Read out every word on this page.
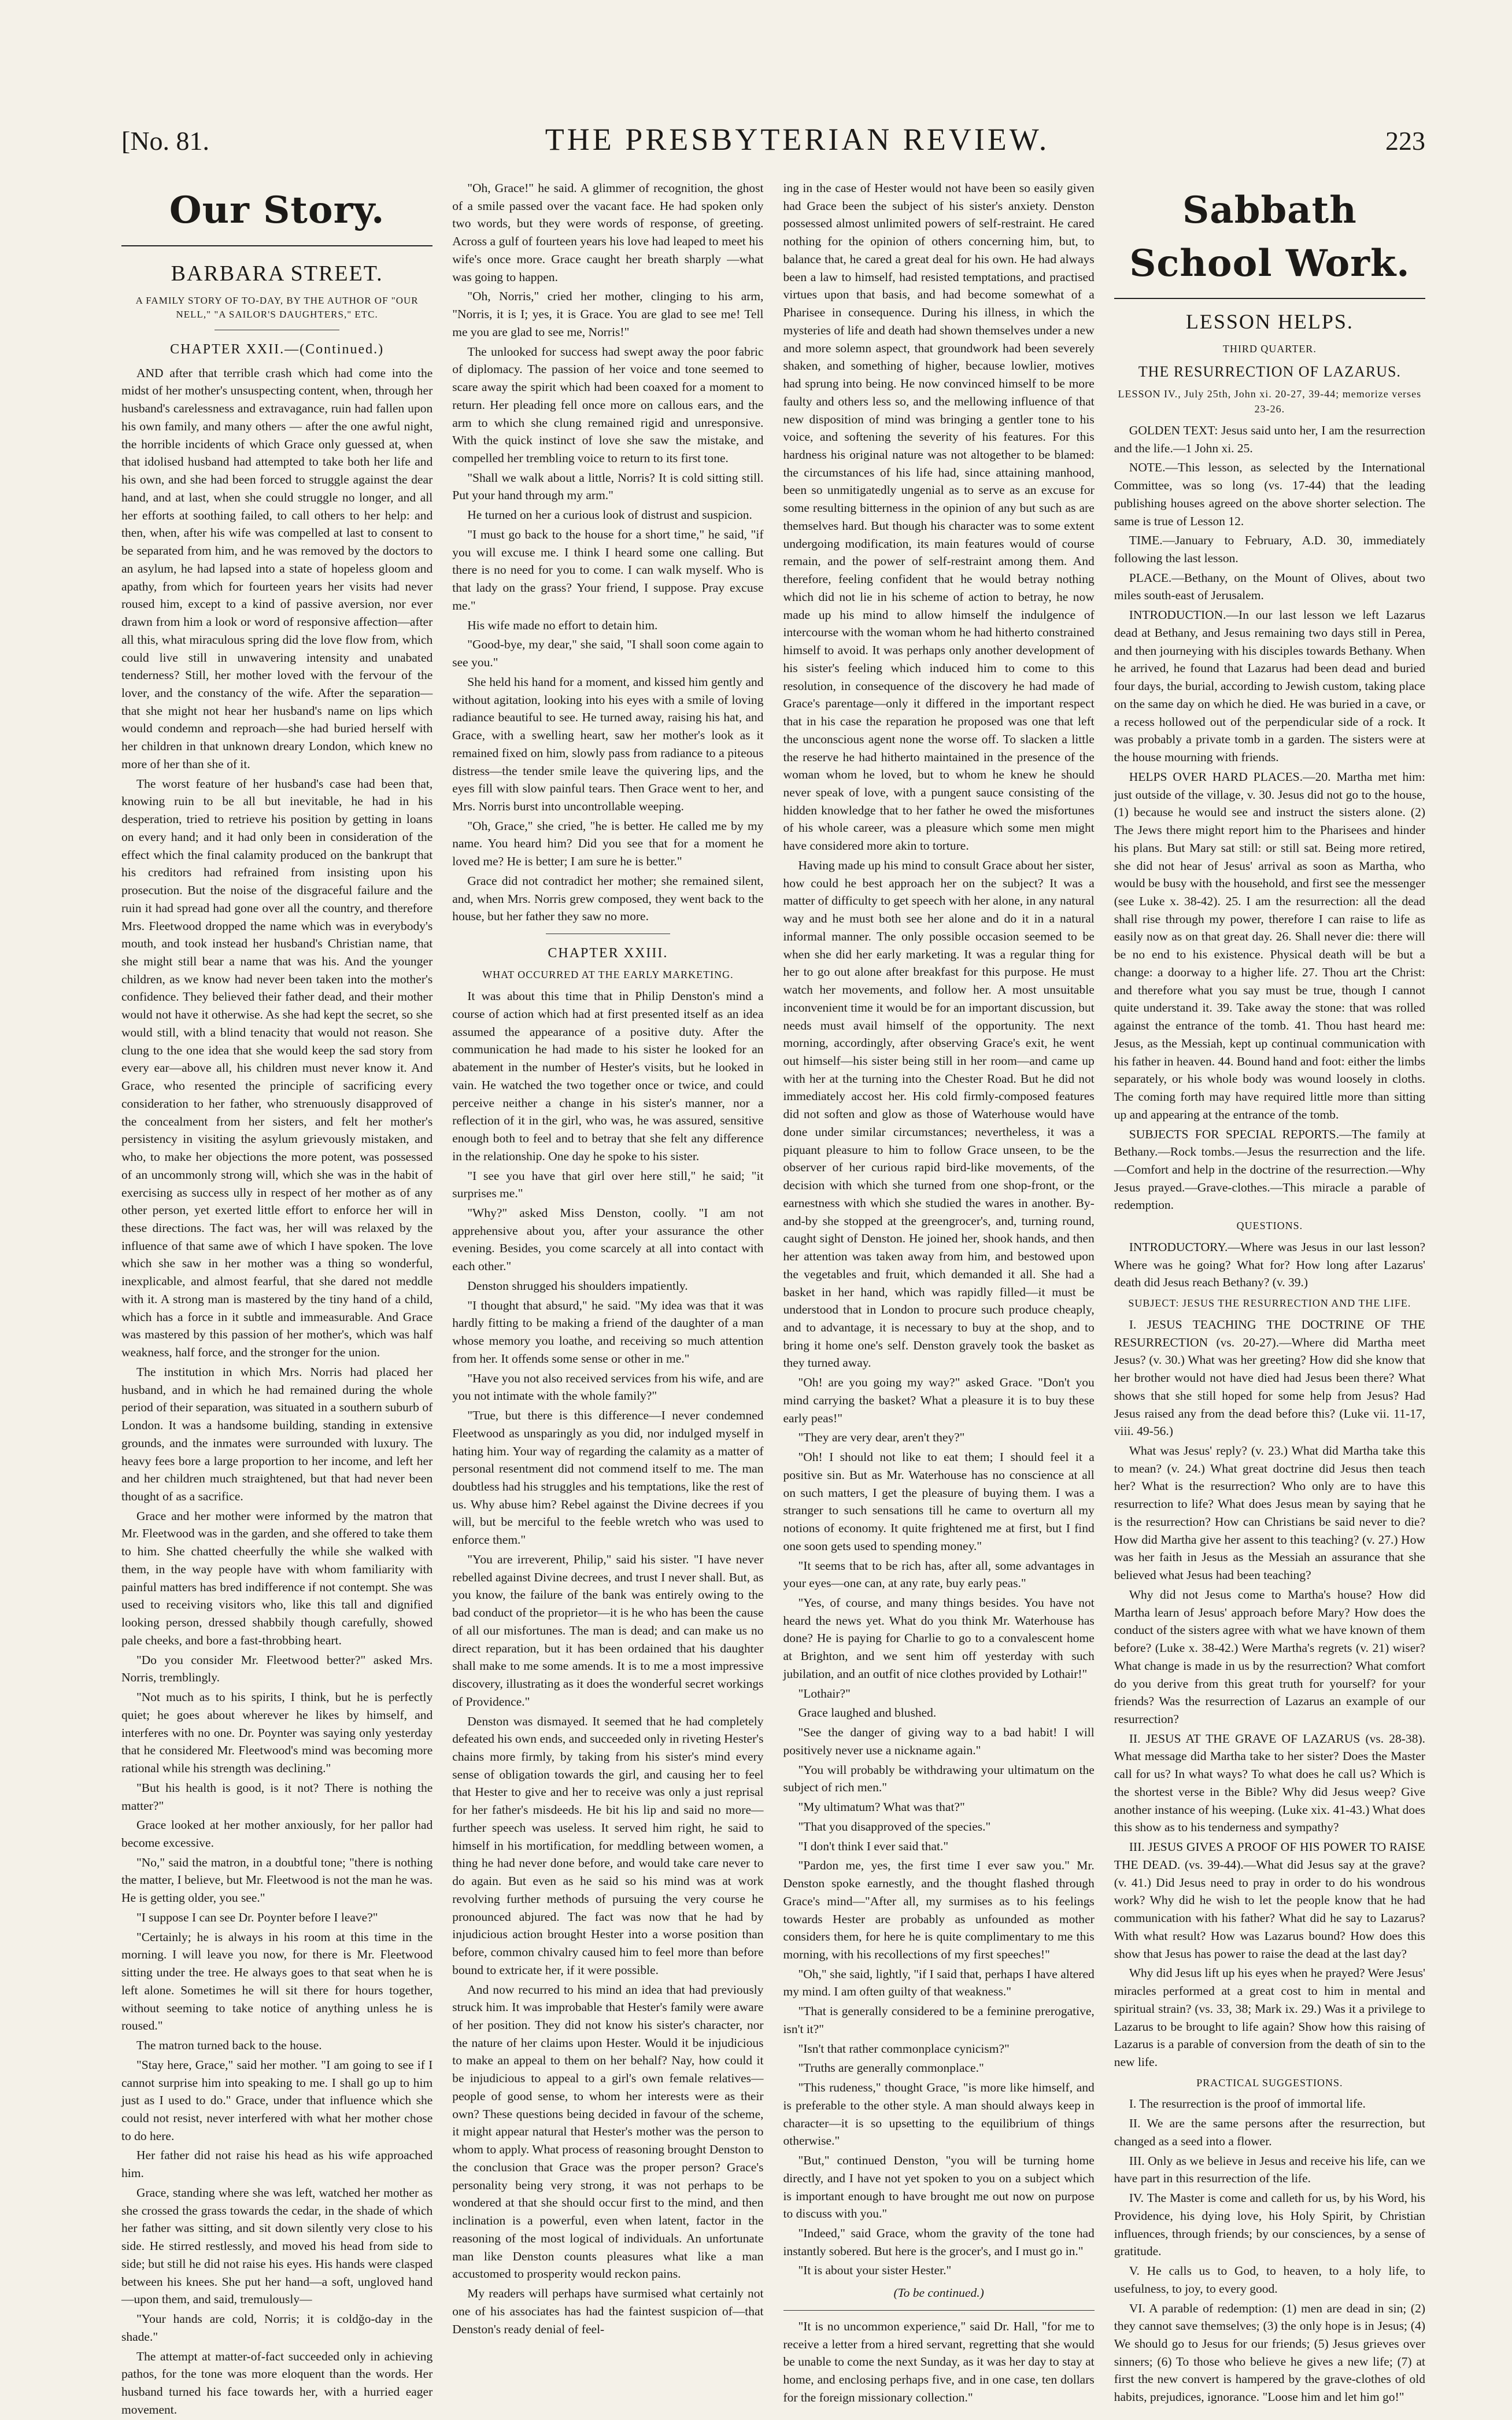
[No. 81.	THE PRESBYTERIAN REVIEW.	223
Our Story.
BARBARA STREET.
A FAMILY STORY OF TO-DAY, BY THE AUTHOR OF "OUR NELL," "A SAILOR'S DAUGHTERS," ETC.
CHAPTER XXII.—(Continued.)

AND after that terrible crash which had come into the midst of her mother's unsuspecting content, when, through her husband's carelessness and extravagance, ruin had fallen upon his own family, and many others — after the one awful night, the horrible incidents of which Grace only guessed at, when that idolised husband had attempted to take both her life and his own, and she had been forced to struggle against the dear hand, and at last, when she could struggle no longer, and all her efforts at soothing failed, to call others to her help: and then, when, after his wife was compelled at last to consent to be separated from him, and he was removed by the doctors to an asylum, he had lapsed into a state of hopeless gloom and apathy, from which for fourteen years her visits had never roused him, except to a kind of passive aversion, nor ever drawn from him a look or word of responsive affection—after all this, what miraculous spring did the love flow from, which could live still in unwavering intensity and unabated tenderness? Still, her mother loved with the fervour of the lover, and the constancy of the wife. After the separation—that she might not hear her husband's name on lips which would condemn and reproach—she had buried herself with her children in that unknown dreary London, which knew no more of her than she of it.

The worst feature of her husband's case had been that, knowing ruin to be all but inevitable, he had in his desperation, tried to retrieve his position by getting in loans on every hand; and it had only been in consideration of the effect which the final calamity produced on the bankrupt that his creditors had refrained from insisting upon his prosecution. But the noise of the disgraceful failure and the ruin it had spread had gone over all the country, and therefore Mrs. Fleetwood dropped the name which was in everybody's mouth, and took instead her husband's Christian name, that she might still bear a name that was his. And the younger children, as we know had never been taken into the mother's confidence. They believed their father dead, and their mother would not have it otherwise. As she had kept the secret, so she would still, with a blind tenacity that would not reason. She clung to the one idea that she would keep the sad story from every ear—above all, his children must never know it. And Grace, who resented the principle of sacrificing every consideration to her father, who strenuously disapproved of the concealment from her sisters, and felt her mother's persistency in visiting the asylum grievously mistaken, and who, to make her objections the more potent, was possessed of an uncommonly strong will, which she was in the habit of exercising as success ully in respect of her mother as of any other person, yet exerted little effort to enforce her will in these directions. The fact was, her will was relaxed by the influence of that same awe of which I have spoken. The love which she saw in her mother was a thing so wonderful, inexplicable, and almost fearful, that she dared not meddle with it. A strong man is mastered by the tiny hand of a child, which has a force in it subtle and immeasurable. And Grace was mastered by this passion of her mother's, which was half weakness, half force, and the stronger for the union.

The institution in which Mrs. Norris had placed her husband, and in which he had remained during the whole period of their separation, was situated in a southern suburb of London. It was a handsome building, standing in extensive grounds, and the inmates were surrounded with luxury. The heavy fees bore a large proportion to her income, and left her and her children much straightened, but that had never been thought of as a sacrifice.

Grace and her mother were informed by the matron that Mr. Fleetwood was in the garden, and she offered to take them to him. She chatted cheerfully the while she walked with them, in the way people have with whom familiarity with painful matters has bred indifference if not contempt. She was used to receiving visitors who, like this tall and dignified looking person, dressed shabbily though carefully, showed pale cheeks, and bore a fast-throbbing heart.

"Do you consider Mr. Fleetwood better?" asked Mrs. Norris, tremblingly.

"Not much as to his spirits, I think, but he is perfectly quiet; he goes about wherever he likes by himself, and interferes with no one. Dr. Poynter was saying only yesterday that he considered Mr. Fleetwood's mind was becoming more rational while his strength was declining."

"But his health is good, is it not? There is nothing the matter?"

Grace looked at her mother anxiously, for her pallor had become excessive.

"No," said the matron, in a doubtful tone; "there is nothing the matter, I believe, but Mr. Fleetwood is not the man he was. He is getting older, you see."

"I suppose I can see Dr. Poynter before I leave?"

"Certainly; he is always in his room at this time in the morning. I will leave you now, for there is Mr. Fleetwood sitting under the tree. He always goes to that seat when he is left alone. Sometimes he will sit there for hours together, without seeming to take notice of anything unless he is roused."

The matron turned back to the house.

"Stay here, Grace," said her mother. "I am going to see if I cannot surprise him into speaking to me. I shall go up to him just as I used to do." Grace, under that influence which she could not resist, never interfered with what her mother chose to do here.

Her father did not raise his head as his wife approached him.

Grace, standing where she was left, watched her mother as she crossed the grass towards the cedar, in the shade of which her father was sitting, and sit down silently very close to his side. He stirred restlessly, and moved his head from side to side; but still he did not raise his eyes. His hands were clasped between his knees. She put her hand—a soft, ungloved hand—upon them, and said, tremulously—

"Your hands are cold, Norris; it is coldğo-day in the shade."

The attempt at matter-of-fact succeeded only in achieving pathos, for the tone was more eloquent than the words. Her husband turned his face towards her, with a hurried eager movement.

"Oh, Grace!" he said. A glimmer of recognition, the ghost of a smile passed over the vacant face. He had spoken only two words, but they were words of response, of greeting. Across a gulf of fourteen years his love had leaped to meet his wife's once more. Grace caught her breath sharply —what was going to happen.

"Oh, Norris," cried her mother, clinging to his arm, "Norris, it is I; yes, it is Grace. You are glad to see me! Tell me you are glad to see me, Norris!"

The unlooked for success had swept away the poor fabric of diplomacy. The passion of her voice and tone seemed to scare away the spirit which had been coaxed for a moment to return. Her pleading fell once more on callous ears, and the arm to which she clung remained rigid and unresponsive. With the quick instinct of love she saw the mistake, and compelled her trembling voice to return to its first tone.

"Shall we walk about a little, Norris? It is cold sitting still. Put your hand through my arm."

He turned on her a curious look of distrust and suspicion.

"I must go back to the house for a short time," he said, "if you will excuse me. I think I heard some one calling. But there is no need for you to come. I can walk myself. Who is that lady on the grass? Your friend, I suppose. Pray excuse me."

His wife made no effort to detain him.

"Good-bye, my dear," she said, "I shall soon come again to see you."

She held his hand for a moment, and kissed him gently and without agitation, looking into his eyes with a smile of loving radiance beautiful to see. He turned away, raising his hat, and Grace, with a swelling heart, saw her mother's look as it remained fixed on him, slowly pass from radiance to a piteous distress—the tender smile leave the quivering lips, and the eyes fill with slow painful tears. Then Grace went to her, and Mrs. Norris burst into uncontrollable weeping.

"Oh, Grace," she cried, "he is better. He called me by my name. You heard him? Did you see that for a moment he loved me? He is better; I am sure he is better."

Grace did not contradict her mother; she remained silent, and, when Mrs. Norris grew composed, they went back to the house, but her father they saw no more.

CHAPTER XXIII.
WHAT OCCURRED AT THE EARLY MARKETING.

It was about this time that in Philip Denston's mind a course of action which had at first presented itself as an idea assumed the appearance of a positive duty. After the communication he had made to his sister he looked for an abatement in the number of Hester's visits, but he looked in vain. He watched the two together once or twice, and could perceive neither a change in his sister's manner, nor a reflection of it in the girl, who was, he was assured, sensitive enough both to feel and to betray that she felt any difference in the relationship. One day he spoke to his sister.

"I see you have that girl over here still," he said; "it surprises me."

"Why?" asked Miss Denston, coolly. "I am not apprehensive about you, after your assurance the other evening. Besides, you come scarcely at all into contact with each other."

Denston shrugged his shoulders impatiently.

"I thought that absurd," he said. "My idea was that it was hardly fitting to be making a friend of the daughter of a man whose memory you loathe, and receiving so much attention from her. It offends some sense or other in me."

"Have you not also received services from his wife, and are you not intimate with the whole family?"

"True, but there is this difference—I never condemned Fleetwood as unsparingly as you did, nor indulged myself in hating him. Your way of regarding the calamity as a matter of personal resentment did not commend itself to me. The man doubtless had his struggles and his temptations, like the rest of us. Why abuse him? Rebel against the Divine decrees if you will, but be merciful to the feeble wretch who was used to enforce them."

"You are irreverent, Philip," said his sister. "I have never rebelled against Divine decrees, and trust I never shall. But, as you know, the failure of the bank was entirely owing to the bad conduct of the proprietor—it is he who has been the cause of all our misfortunes. The man is dead; and can make us no direct reparation, but it has been ordained that his daughter shall make to me some amends. It is to me a most impressive discovery, illustrating as it does the wonderful secret workings of Providence."

Denston was dismayed. It seemed that he had completely defeated his own ends, and succeeded only in riveting Hester's chains more firmly, by taking from his sister's mind every sense of obligation towards the girl, and causing her to feel that Hester to give and her to receive was only a just reprisal for her father's misdeeds. He bit his lip and said no more—further speech was useless. It served him right, he said to himself in his mortification, for meddling between women, a thing he had never done before, and would take care never to do again. But even as he said so his mind was at work revolving further methods of pursuing the very course he pronounced abjured. The fact was now that he had by injudicious action brought Hester into a worse position than before, common chivalry caused him to feel more than before bound to extricate her, if it were possible.

And now recurred to his mind an idea that had previously struck him. It was improbable that Hester's family were aware of her position. They did not know his sister's character, nor the nature of her claims upon Hester. Would it be injudicious to make an appeal to them on her behalf? Nay, how could it be injudicious to appeal to a girl's own female relatives—people of good sense, to whom her interests were as their own? These questions being decided in favour of the scheme, it might appear natural that Hester's mother was the person to whom to apply. What process of reasoning brought Denston to the conclusion that Grace was the proper person? Grace's personality being very strong, it was not perhaps to be wondered at that she should occur first to the mind, and then inclination is a powerful, even when latent, factor in the reasoning of the most logical of individuals. An unfortunate man like Denston counts pleasures what like a man accustomed to prosperity would reckon pains.

My readers will perhaps have surmised what certainly not one of his associates has had the faintest suspicion of—that Denston's ready denial of feel-

ing in the case of Hester would not have been so easily given had Grace been the subject of his sister's anxiety. Denston possessed almost unlimited powers of self-restraint. He cared nothing for the opinion of others concerning him, but, to balance that, he cared a great deal for his own. He had always been a law to himself, had resisted temptations, and practised virtues upon that basis, and had become somewhat of a Pharisee in consequence. During his illness, in which the mysteries of life and death had shown themselves under a new and more solemn aspect, that groundwork had been severely shaken, and something of higher, because lowlier, motives had sprung into being. He now convinced himself to be more faulty and others less so, and the mellowing influence of that new disposition of mind was bringing a gentler tone to his voice, and softening the severity of his features. For this hardness his original nature was not altogether to be blamed: the circumstances of his life had, since attaining manhood, been so unmitigatedly ungenial as to serve as an excuse for some resulting bitterness in the opinion of any but such as are themselves hard. But though his character was to some extent undergoing modification, its main features would of course remain, and the power of self-restraint among them. And therefore, feeling confident that he would betray nothing which did not lie in his scheme of action to betray, he now made up his mind to allow himself the indulgence of intercourse with the woman whom he had hitherto constrained himself to avoid. It was perhaps only another development of his sister's feeling which induced him to come to this resolution, in consequence of the discovery he had made of Grace's parentage—only it differed in the important respect that in his case the reparation he proposed was one that left the unconscious agent none the worse off. To slacken a little the reserve he had hitherto maintained in the presence of the woman whom he loved, but to whom he knew he should never speak of love, with a pungent sauce consisting of the hidden knowledge that to her father he owed the misfortunes of his whole career, was a pleasure which some men might have considered more akin to torture.

Having made up his mind to consult Grace about her sister, how could he best approach her on the subject? It was a matter of difficulty to get speech with her alone, in any natural way and he must both see her alone and do it in a natural informal manner. The only possible occasion seemed to be when she did her early marketing. It was a regular thing for her to go out alone after breakfast for this purpose. He must watch her movements, and follow her. A most unsuitable inconvenient time it would be for an important discussion, but needs must avail himself of the opportunity. The next morning, accordingly, after observing Grace's exit, he went out himself—his sister being still in her room—and came up with her at the turning into the Chester Road. But he did not immediately accost her. His cold firmly-composed features did not soften and glow as those of Waterhouse would have done under similar circumstances; nevertheless, it was a piquant pleasure to him to follow Grace unseen, to be the observer of her curious rapid bird-like movements, of the decision with which she turned from one shop-front, or the earnestness with which she studied the wares in another. By-and-by she stopped at the greengrocer's, and, turning round, caught sight of Denston. He joined her, shook hands, and then her attention was taken away from him, and bestowed upon the vegetables and fruit, which demanded it all. She had a basket in her hand, which was rapidly filled—it must be understood that in London to procure such produce cheaply, and to advantage, it is necessary to buy at the shop, and to bring it home one's self. Denston gravely took the basket as they turned away.

"Oh! are you going my way?" asked Grace. "Don't you mind carrying the basket? What a pleasure it is to buy these early peas!"

"They are very dear, aren't they?"

"Oh! I should not like to eat them; I should feel it a positive sin. But as Mr. Waterhouse has no conscience at all on such matters, I get the pleasure of buying them. I was a stranger to such sensations till he came to overturn all my notions of economy. It quite frightened me at first, but I find one soon gets used to spending money."

"It seems that to be rich has, after all, some advantages in your eyes—one can, at any rate, buy early peas."

"Yes, of course, and many things besides. You have not heard the news yet. What do you think Mr. Waterhouse has done? He is paying for Charlie to go to a convalescent home at Brighton, and we sent him off yesterday with such jubilation, and an outfit of nice clothes provided by Lothair!"

"Lothair?"

Grace laughed and blushed.

"See the danger of giving way to a bad habit! I will positively never use a nickname again."

"You will probably be withdrawing your ultimatum on the subject of rich men."

"My ultimatum? What was that?"

"That you disapproved of the species."

"I don't think I ever said that."

"Pardon me, yes, the first time I ever saw you." Mr. Denston spoke earnestly, and the thought flashed through Grace's mind—"After all, my surmises as to his feelings towards Hester are probably as unfounded as mother considers them, for here he is quite complimentary to me this morning, with his recollections of my first speeches!"

"Oh," she said, lightly, "if I said that, perhaps I have altered my mind. I am often guilty of that weakness."

"That is generally considered to be a feminine prerogative, isn't it?"

"Isn't that rather commonplace cynicism?"

"Truths are generally commonplace."

"This rudeness," thought Grace, "is more like himself, and is preferable to the other style. A man should always keep in character—it is so upsetting to the equilibrium of things otherwise."

"But," continued Denston, "you will be turning home directly, and I have not yet spoken to you on a subject which is important enough to have brought me out now on purpose to discuss with you."

"Indeed," said Grace, whom the gravity of the tone had instantly sobered. But here is the grocer's, and I must go in."

"It is about your sister Hester."

(To be continued.)

"It is no uncommon experience," said Dr. Hall, "for me to receive a letter from a hired servant, regretting that she would be unable to come the next Sunday, as it was her day to stay at home, and enclosing perhaps five, and in one case, ten dollars for the foreign missionary collection."

Sabbath School Work.
LESSON HELPS.
THIRD QUARTER.
THE RESURRECTION OF LAZARUS.
LESSON IV., July 25th, John xi. 20-27, 39-44; memorize verses 23-26.

GOLDEN TEXT: Jesus said unto her, I am the resurrection and the life.—1 John xi. 25.

NOTE.—This lesson, as selected by the International Committee, was so long (vs. 17-44) that the leading publishing houses agreed on the above shorter selection. The same is true of Lesson 12.

TIME.—January to February, A.D. 30, immediately following the last lesson.

PLACE.—Bethany, on the Mount of Olives, about two miles south-east of Jerusalem.

INTRODUCTION.—In our last lesson we left Lazarus dead at Bethany, and Jesus remaining two days still in Perea, and then journeying with his disciples towards Bethany. When he arrived, he found that Lazarus had been dead and buried four days, the burial, according to Jewish custom, taking place on the same day on which he died. He was buried in a cave, or a recess hollowed out of the perpendicular side of a rock. It was probably a private tomb in a garden. The sisters were at the house mourning with friends.

HELPS OVER HARD PLACES.—20. Martha met him: just outside of the village, v. 30. Jesus did not go to the house, (1) because he would see and instruct the sisters alone. (2) The Jews there might report him to the Pharisees and hinder his plans. But Mary sat still: or still sat. Being more retired, she did not hear of Jesus' arrival as soon as Martha, who would be busy with the household, and first see the messenger (see Luke x. 38-42). 25. I am the resurrection: all the dead shall rise through my power, therefore I can raise to life as easily now as on that great day. 26. Shall never die: there will be no end to his existence. Physical death will be but a change: a doorway to a higher life. 27. Thou art the Christ: and therefore what you say must be true, though I cannot quite understand it. 39. Take away the stone: that was rolled against the entrance of the tomb. 41. Thou hast heard me: Jesus, as the Messiah, kept up continual communication with his father in heaven. 44. Bound hand and foot: either the limbs separately, or his whole body was wound loosely in cloths. The coming forth may have required little more than sitting up and appearing at the entrance of the tomb.

SUBJECTS FOR SPECIAL REPORTS.—The family at Bethany.—Rock tombs.—Jesus the resurrection and the life.—Comfort and help in the doctrine of the resurrection.—Why Jesus prayed.—Grave-clothes.—This miracle a parable of redemption.

QUESTIONS.

INTRODUCTORY.—Where was Jesus in our last lesson? Where was he going? What for? How long after Lazarus' death did Jesus reach Bethany? (v. 39.)

SUBJECT: JESUS THE RESURRECTION AND THE LIFE.

I. JESUS TEACHING THE DOCTRINE OF THE RESURRECTION (vs. 20-27).—Where did Martha meet Jesus? (v. 30.) What was her greeting? How did she know that her brother would not have died had Jesus been there? What shows that she still hoped for some help from Jesus? Had Jesus raised any from the dead before this? (Luke vii. 11-17, viii. 49-56.)

What was Jesus' reply? (v. 23.) What did Martha take this to mean? (v. 24.) What great doctrine did Jesus then teach her? What is the resurrection? Who only are to have this resurrection to life? What does Jesus mean by saying that he is the resurrection? How can Christians be said never to die? How did Martha give her assent to this teaching? (v. 27.) How was her faith in Jesus as the Messiah an assurance that she believed what Jesus had been teaching?

Why did not Jesus come to Martha's house? How did Martha learn of Jesus' approach before Mary? How does the conduct of the sisters agree with what we have known of them before? (Luke x. 38-42.) Were Martha's regrets (v. 21) wiser? What change is made in us by the resurrection? What comfort do you derive from this great truth for yourself? for your friends? Was the resurrection of Lazarus an example of our resurrection?

II. JESUS AT THE GRAVE OF LAZARUS (vs. 28-38). What message did Martha take to her sister? Does the Master call for us? In what ways? To what does he call us? Which is the shortest verse in the Bible? Why did Jesus weep? Give another instance of his weeping. (Luke xix. 41-43.) What does this show as to his tenderness and sympathy?

III. JESUS GIVES A PROOF OF HIS POWER TO RAISE THE DEAD. (vs. 39-44).—What did Jesus say at the grave? (v. 41.) Did Jesus need to pray in order to do his wondrous work? Why did he wish to let the people know that he had communication with his father? What did he say to Lazarus? With what result? How was Lazarus bound? How does this show that Jesus has power to raise the dead at the last day?

Why did Jesus lift up his eyes when he prayed? Were Jesus' miracles performed at a great cost to him in mental and spiritual strain? (vs. 33, 38; Mark ix. 29.) Was it a privilege to Lazarus to be brought to life again? Show how this raising of Lazarus is a parable of conversion from the death of sin to the new life.

PRACTICAL SUGGESTIONS.

I. The resurrection is the proof of immortal life.

II. We are the same persons after the resurrection, but changed as a seed into a flower.

III. Only as we believe in Jesus and receive his life, can we have part in this resurrection of the life.

IV. The Master is come and calleth for us, by his Word, his Providence, his dying love, his Holy Spirit, by Christian influences, through friends; by our consciences, by a sense of gratitude.

V. He calls us to God, to heaven, to a holy life, to usefulness, to joy, to every good.

VI. A parable of redemption: (1) men are dead in sin; (2) they cannot save themselves; (3) the only hope is in Jesus; (4) We should go to Jesus for our friends; (5) Jesus grieves over sinners; (6) To those who believe he gives a new life; (7) at first the new convert is hampered by the grave-clothes of old habits, prejudices, ignorance. "Loose him and let him go!"
